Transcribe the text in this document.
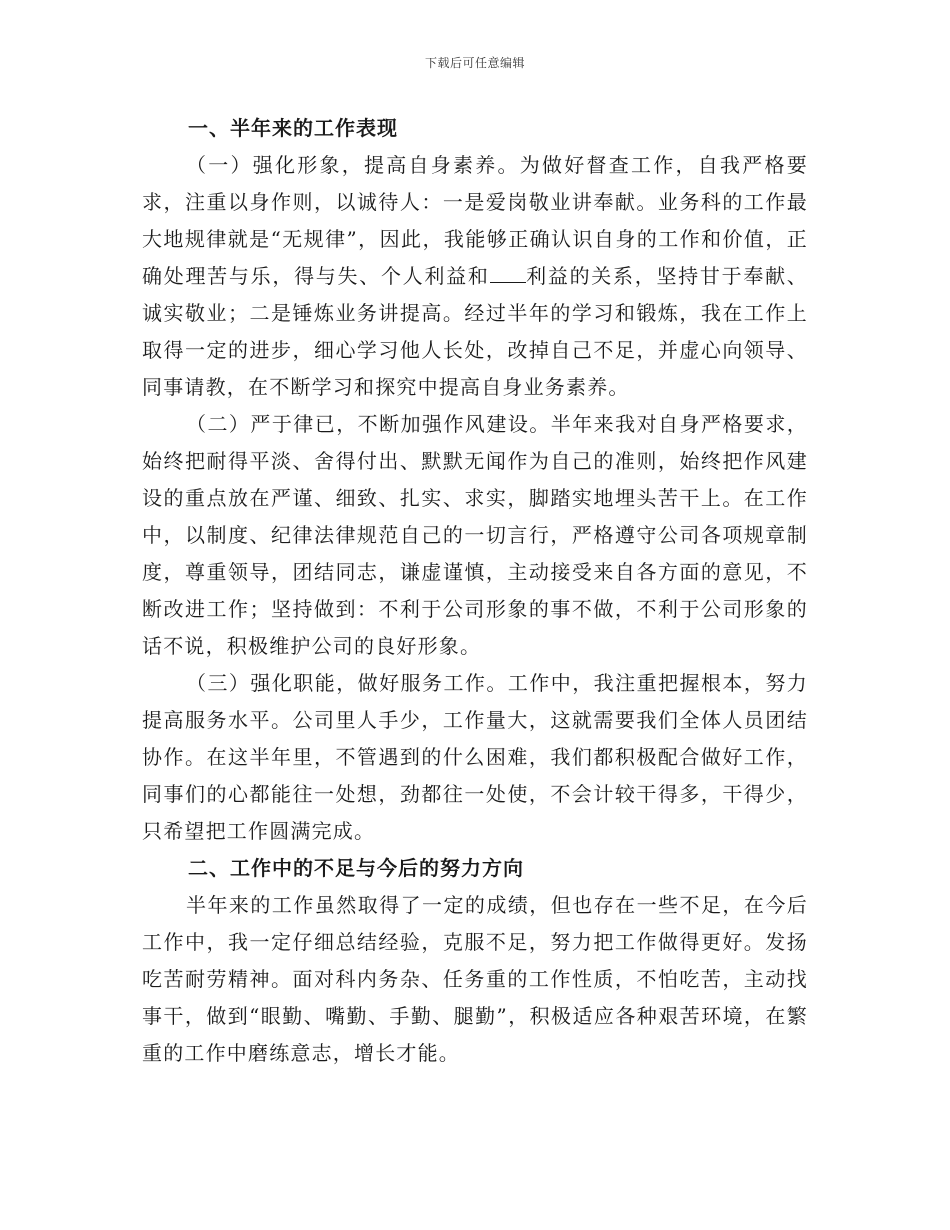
下载后可任意编辑

一、半年来的工作表现

（一）强化形象，提高自身素养。为做好督查工作，自我严格要求，注重以身作则，以诚待人：一是爱岗敬业讲奉献。业务科的工作最大地规律就是“无规律”，因此，我能够正确认识自身的工作和价值，正确处理苦与乐，得与失、个人利益和 利益的关系，坚持甘于奉献、诚实敬业；二是锤炼业务讲提高。经过半年的学习和锻炼，我在工作上取得一定的进步，细心学习他人长处，改掉自己不足，并虚心向领导、同事请教，在不断学习和探究中提高自身业务素养。

（二）严于律已，不断加强作风建设。半年来我对自身严格要求，始终把耐得平淡、舍得付出、默默无闻作为自己的准则，始终把作风建设的重点放在严谨、细致、扎实、求实，脚踏实地埋头苦干上。在工作中，以制度、纪律法律规范自己的一切言行，严格遵守公司各项规章制度，尊重领导，团结同志，谦虚谨慎，主动接受来自各方面的意见，不断改进工作；坚持做到：不利于公司形象的事不做，不利于公司形象的话不说，积极维护公司的良好形象。

（三）强化职能，做好服务工作。工作中，我注重把握根本，努力提高服务水平。公司里人手少，工作量大，这就需要我们全体人员团结协作。在这半年里，不管遇到的什么困难，我们都积极配合做好工作，同事们的心都能往一处想，劲都往一处使，不会计较干得多，干得少，只希望把工作圆满完成。

二、工作中的不足与今后的努力方向

半年来的工作虽然取得了一定的成绩，但也存在一些不足，在今后工作中，我一定仔细总结经验，克服不足，努力把工作做得更好。发扬吃苦耐劳精神。面对科内务杂、任务重的工作性质，不怕吃苦，主动找事干，做到“眼勤、嘴勤、手勤、腿勤”，积极适应各种艰苦环境，在繁重的工作中磨练意志，增长才能。
